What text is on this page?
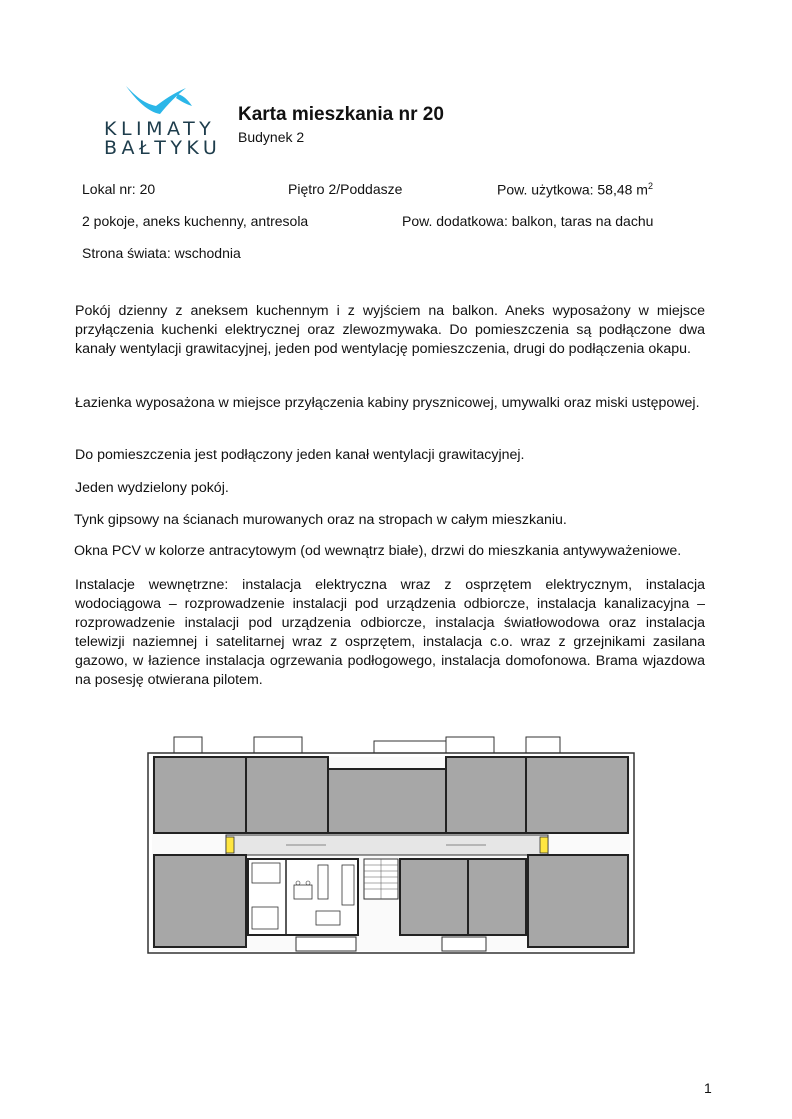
KLIMATY
BAŁTYKU
Karta mieszkania nr 20
Budynek 2
Lokal nr: 20	Piętro 2/Poddasze	Pow. użytkowa: 58,48 $m^2$
2 pokoje, aneks kuchenny, antresola	Pow. dodatkowa: balkon, taras na dachu
Strona świata: wschodnia
Pokój dzienny z aneksem kuchennym i z wyjściem na balkon. Aneks wyposażony w miejsce przyłączenia kuchenki elektrycznej oraz zlewozmywaka. Do pomieszczenia są podłączone dwa kanały wentylacji grawitacyjnej, jeden pod wentylację pomieszczenia, drugi do podłączenia okapu.
Łazienka wyposażona w miejsce przyłączenia kabiny prysznicowej, umywalki oraz miski ustępowej.
Do pomieszczenia jest podłączony jeden kanał wentylacji grawitacyjnej.
Jeden wydzielony pokój.
Tynk gipsowy na ścianach murowanych oraz na stropach w całym mieszkaniu.
Okna PCV w kolorze antracytowym (od wewnątrz białe), drzwi do mieszkania antywyważeniowe.
Instalacje wewnętrzne: instalacja elektryczna wraz z osprzętem elektrycznym, instalacja wodociągowa – rozprowadzenie instalacji pod urządzenia odbiorcze, instalacja kanalizacyjna – rozprowadzenie instalacji pod urządzenia odbiorcze, instalacja światłowodowa oraz instalacja telewizji naziemnej i satelitarnej wraz z osprzętem, instalacja c.o. wraz z grzejnikami zasilana gazowo, w łazience instalacja ogrzewania podłogowego, instalacja domofonowa. Brama wjazdowa na posesję otwierana pilotem.
1
